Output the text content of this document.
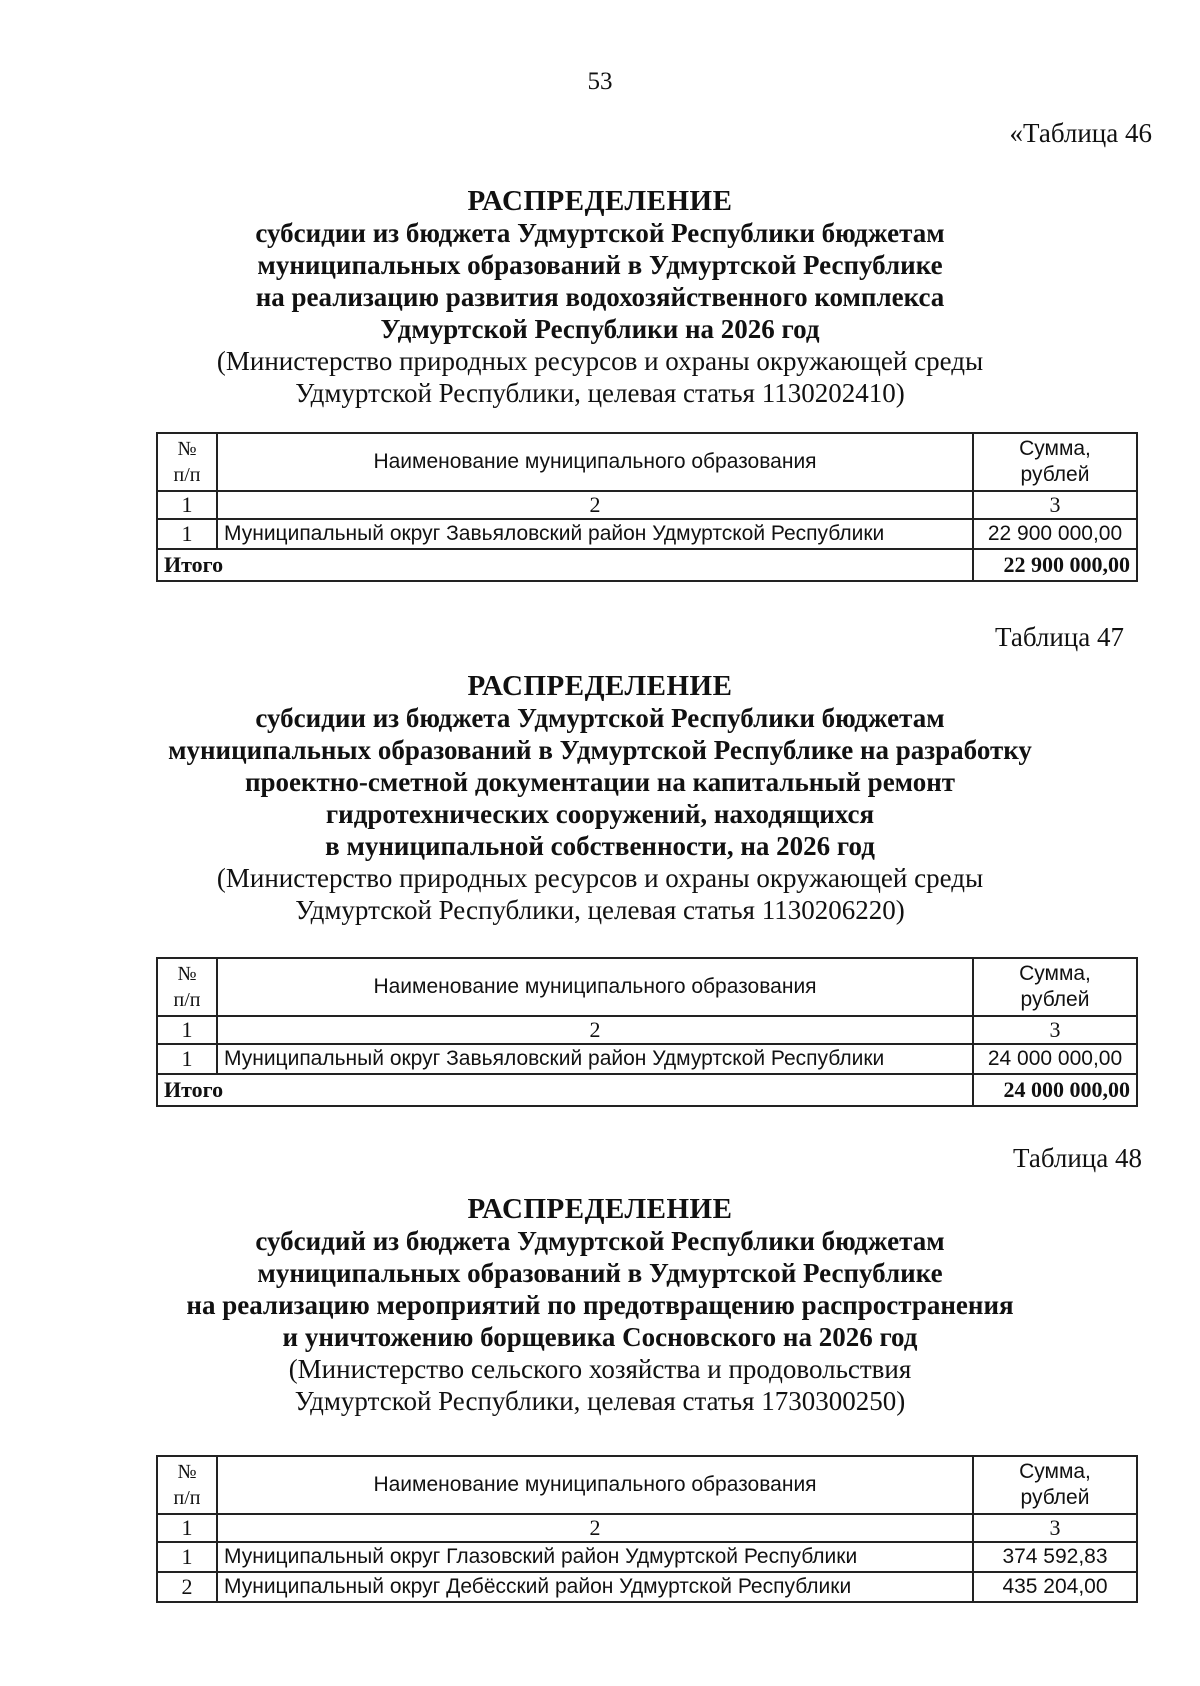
53
«Таблица 46
РАСПРЕДЕЛЕНИЕ
субсидии из бюджета Удмуртской Республики бюджетам
муниципальных образований в Удмуртской Республике
на реализацию развития водохозяйственного комплекса
Удмуртской Республики на 2026 год
(Министерство природных ресурсов и охраны окружающей среды
Удмуртской Республики, целевая статья 1130202410)
№
п/п	Наименование муниципального образования	Сумма,
рублей
1	2	3
1	Муниципальный округ Завьяловский район Удмуртской Республики	22 900 000,00
Итого		22 900 000,00
Таблица 47
РАСПРЕДЕЛЕНИЕ
субсидии из бюджета Удмуртской Республики бюджетам
муниципальных образований в Удмуртской Республике на разработку
проектно-сметной документации на капитальный ремонт
гидротехнических сооружений, находящихся
в муниципальной собственности, на 2026 год
(Министерство природных ресурсов и охраны окружающей среды
Удмуртской Республики, целевая статья 1130206220)
№
п/п	Наименование муниципального образования	Сумма,
рублей
1	2	3
1	Муниципальный округ Завьяловский район Удмуртской Республики	24 000 000,00
Итого		24 000 000,00
Таблица 48
РАСПРЕДЕЛЕНИЕ
субсидий из бюджета Удмуртской Республики бюджетам
муниципальных образований в Удмуртской Республике
на реализацию мероприятий по предотвращению распространения
и уничтожению борщевика Сосновского на 2026 год
(Министерство сельского хозяйства и продовольствия
Удмуртской Республики, целевая статья 1730300250)
№
п/п	Наименование муниципального образования	Сумма,
рублей
1	2	3
1	Муниципальный округ Глазовский район Удмуртской Республики	374 592,83
2	Муниципальный округ Дебёсский район Удмуртской Республики	435 204,00
